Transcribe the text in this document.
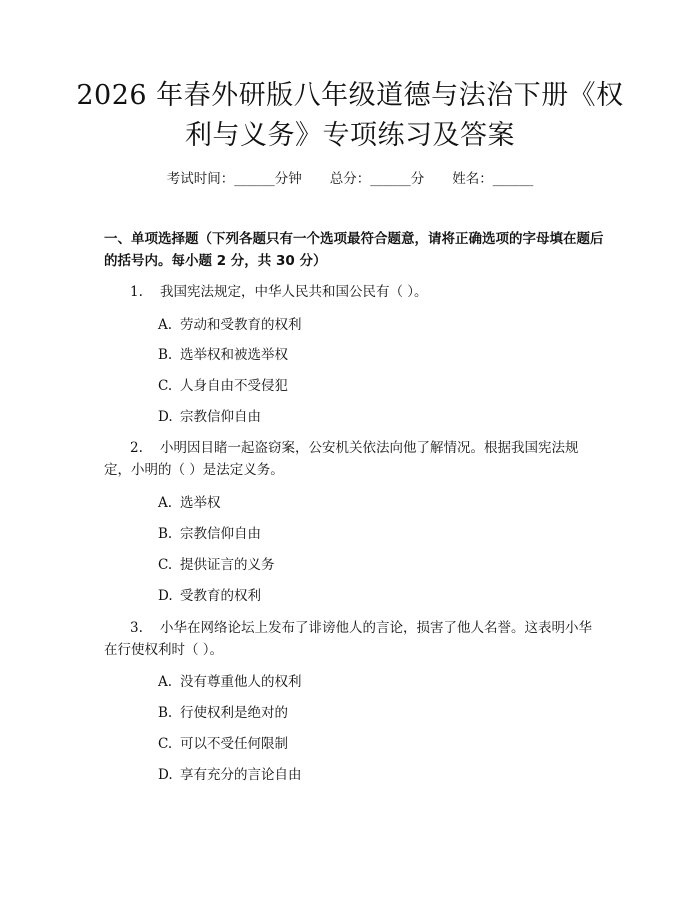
2026 年春外研版八年级道德与法治下册《权
利与义务》专项练习及答案
考试时间：______分钟 总分：______分 姓名：______

一、单项选择题（下列各题只有一个选项最符合题意，请将正确选项的字母填在题后的括号内。每小题 2 分，共 30 分）

1. 我国宪法规定，中华人民共和国公民有（ ）。

A. 劳动和受教育的权利
B. 选举权和被选举权
C. 人身自由不受侵犯
D. 宗教信仰自由

2. 小明因目睹一起盗窃案，公安机关依法向他了解情况。根据我国宪法规定，小明的（ ）是法定义务。

A. 选举权
B. 宗教信仰自由
C. 提供证言的义务
D. 受教育的权利

3. 小华在网络论坛上发布了诽谤他人的言论，损害了他人名誉。这表明小华在行使权利时（ ）。

A. 没有尊重他人的权利
B. 行使权利是绝对的
C. 可以不受任何限制
D. 享有充分的言论自由
